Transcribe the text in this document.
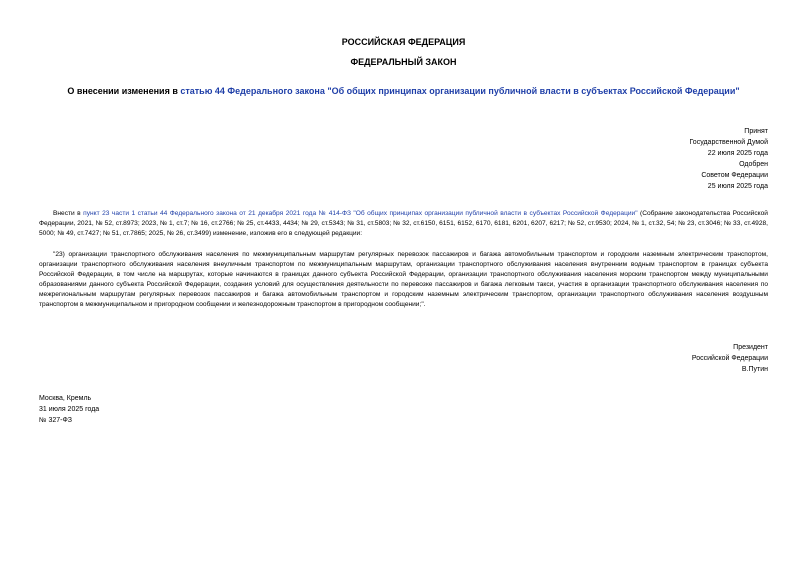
РОССИЙСКАЯ ФЕДЕРАЦИЯ
ФЕДЕРАЛЬНЫЙ ЗАКОН
О внесении изменения в статью 44 Федерального закона "Об общих принципах организации публичной власти в субъектах Российской Федерации"
Принят
Государственной Думой
22 июля 2025 года
Одобрен
Советом Федерации
25 июля 2025 года
Внести в пункт 23 части 1 статьи 44 Федерального закона от 21 декабря 2021 года № 414-ФЗ "Об общих принципах организации публичной власти в субъектах Российской Федерации" (Собрание законодательства Российской Федерации, 2021, № 52, ст.8973; 2023, № 1, ст.7; № 16, ст.2766; № 25, ст.4433, 4434; № 29, ст.5343; № 31, ст.5803; № 32, ст.6150, 6151, 6152, 6170, 6181, 6201, 6207, 6217; № 52, ст.9530; 2024, № 1, ст.32, 54; № 23, ст.3046; № 33, ст.4928, 5000; № 49, ст.7427; № 51, ст.7865; 2025, № 26, ст.3499) изменение, изложив его в следующей редакции:
"23) организации транспортного обслуживания населения по межмуниципальным маршрутам регулярных перевозок пассажиров и багажа автомобильным транспортом и городским наземным электрическим транспортом, организации транспортного обслуживания населения внеуличным транспортом по межмуниципальным маршрутам, организации транспортного обслуживания населения внутренним водным транспортом в границах субъекта Российской Федерации, в том числе на маршрутах, которые начинаются в границах данного субъекта Российской Федерации, организации транспортного обслуживания населения морским транспортом между муниципальными образованиями данного субъекта Российской Федерации, создания условий для осуществления деятельности по перевозке пассажиров и багажа легковым такси, участия в организации транспортного обслуживания населения по межрегиональным маршрутам регулярных перевозок пассажиров и багажа автомобильным транспортом и городским наземным электрическим транспортом, организации транспортного обслуживания населения воздушным транспортом в межмуниципальном и пригородном сообщении и железнодорожным транспортом в пригородном сообщении;".
Президент
Российской Федерации
В.Путин
Москва, Кремль
31 июля 2025 года
№ 327-ФЗ
